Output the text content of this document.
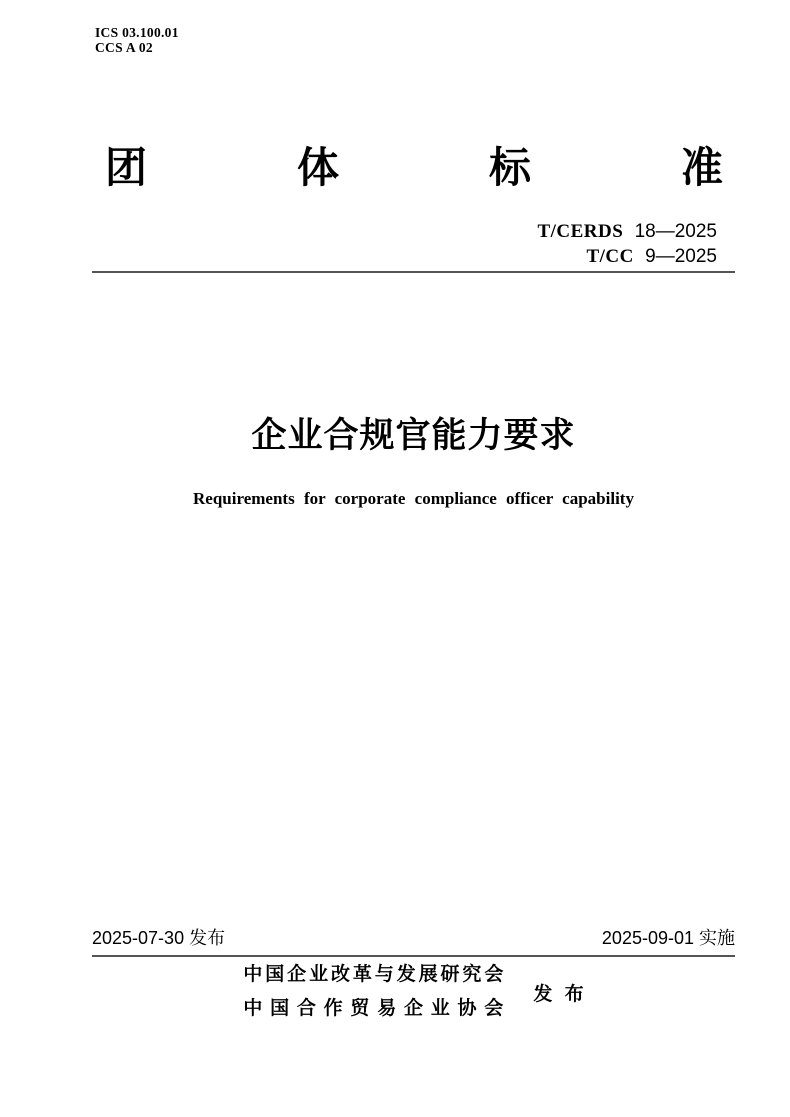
ICS 03.100.01
CCS A 02
团	体	标	准
T/CERDS 18—2025
T/CC 9—2025
企业合规官能力要求
Requirements for corporate compliance officer capability
2025-07-30 发布	2025-09-01 实施
中 国 企 业 改 革 与 发 展 研 究 会
中 国 合 作 贸 易 企 业 协 会
发 布
